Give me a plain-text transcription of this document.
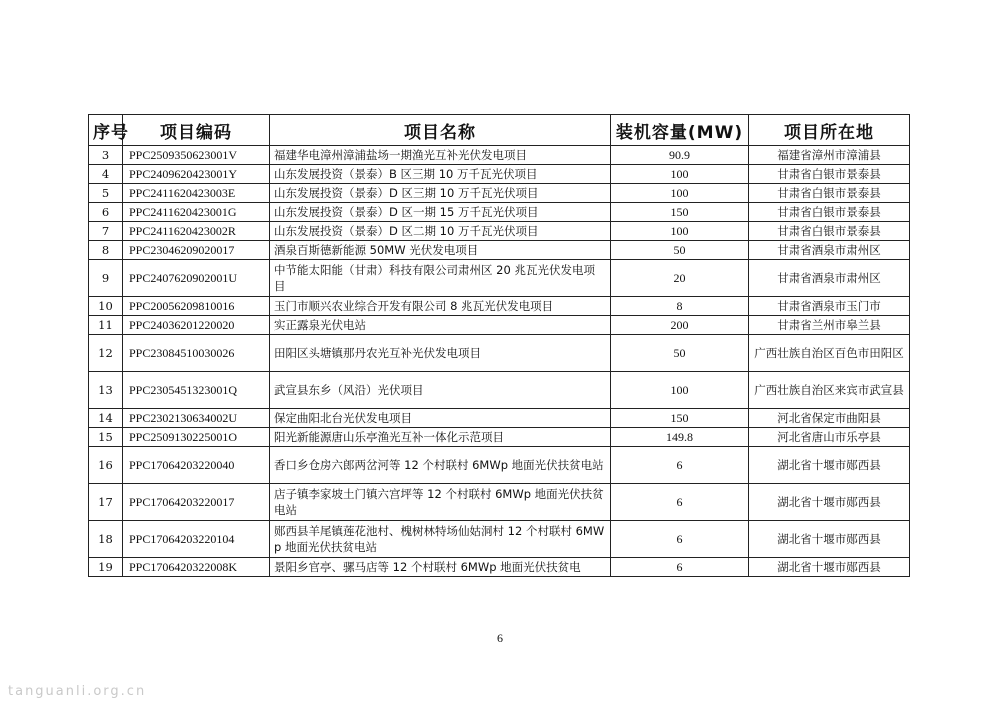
序号	项目编码	项目名称	装机容量(MW)	项目所在地
3	PPC2509350623001V	福建华电漳州漳浦盐场一期渔光互补光伏发电项目	90.9	福建省漳州市漳浦县
4	PPC2409620423001Y	山东发展投资（景泰）B 区三期 10 万千瓦光伏项目	100	甘肃省白银市景泰县
5	PPC2411620423003E	山东发展投资（景泰）D 区三期 10 万千瓦光伏项目	100	甘肃省白银市景泰县
6	PPC2411620423001G	山东发展投资（景泰）D 区一期 15 万千瓦光伏项目	150	甘肃省白银市景泰县
7	PPC2411620423002R	山东发展投资（景泰）D 区二期 10 万千瓦光伏项目	100	甘肃省白银市景泰县
8	PPC23046209020017	酒泉百斯德新能源 50MW 光伏发电项目	50	甘肃省酒泉市肃州区
9	PPC2407620902001U	中节能太阳能（甘肃）科技有限公司肃州区 20 兆瓦光伏发电项目	20	甘肃省酒泉市肃州区
10	PPC20056209810016	玉门市顺兴农业综合开发有限公司 8 兆瓦光伏发电项目	8	甘肃省酒泉市玉门市
11	PPC24036201220020	实正露泉光伏电站	200	甘肃省兰州市皋兰县
12	PPC23084510030026	田阳区头塘镇那丹农光互补光伏发电项目	50	广西壮族自治区百色市田阳区
13	PPC2305451323001Q	武宣县东乡（风沿）光伏项目	100	广西壮族自治区来宾市武宣县
14	PPC2302130634002U	保定曲阳北台光伏发电项目	150	河北省保定市曲阳县
15	PPC2509130225001O	阳光新能源唐山乐亭渔光互补一体化示范项目	149.8	河北省唐山市乐亭县
16	PPC17064203220040	香口乡仓房六郎两岔河等 12 个村联村 6MWp 地面光伏扶贫电站	6	湖北省十堰市郧西县
17	PPC17064203220017	店子镇李家坡土门镇六宫坪等 12 个村联村 6MWp 地面光伏扶贫电站	6	湖北省十堰市郧西县
18	PPC17064203220104	郧西县羊尾镇莲花池村、槐树林特场仙姑洞村 12 个村联村 6MWp 地面光伏扶贫电站	6	湖北省十堰市郧西县
19	PPC1706420322008K	景阳乡官亭、骡马店等 12 个村联村 6MWp 地面光伏扶贫电	6	湖北省十堰市郧西县
6
tanguanli.org.cn
